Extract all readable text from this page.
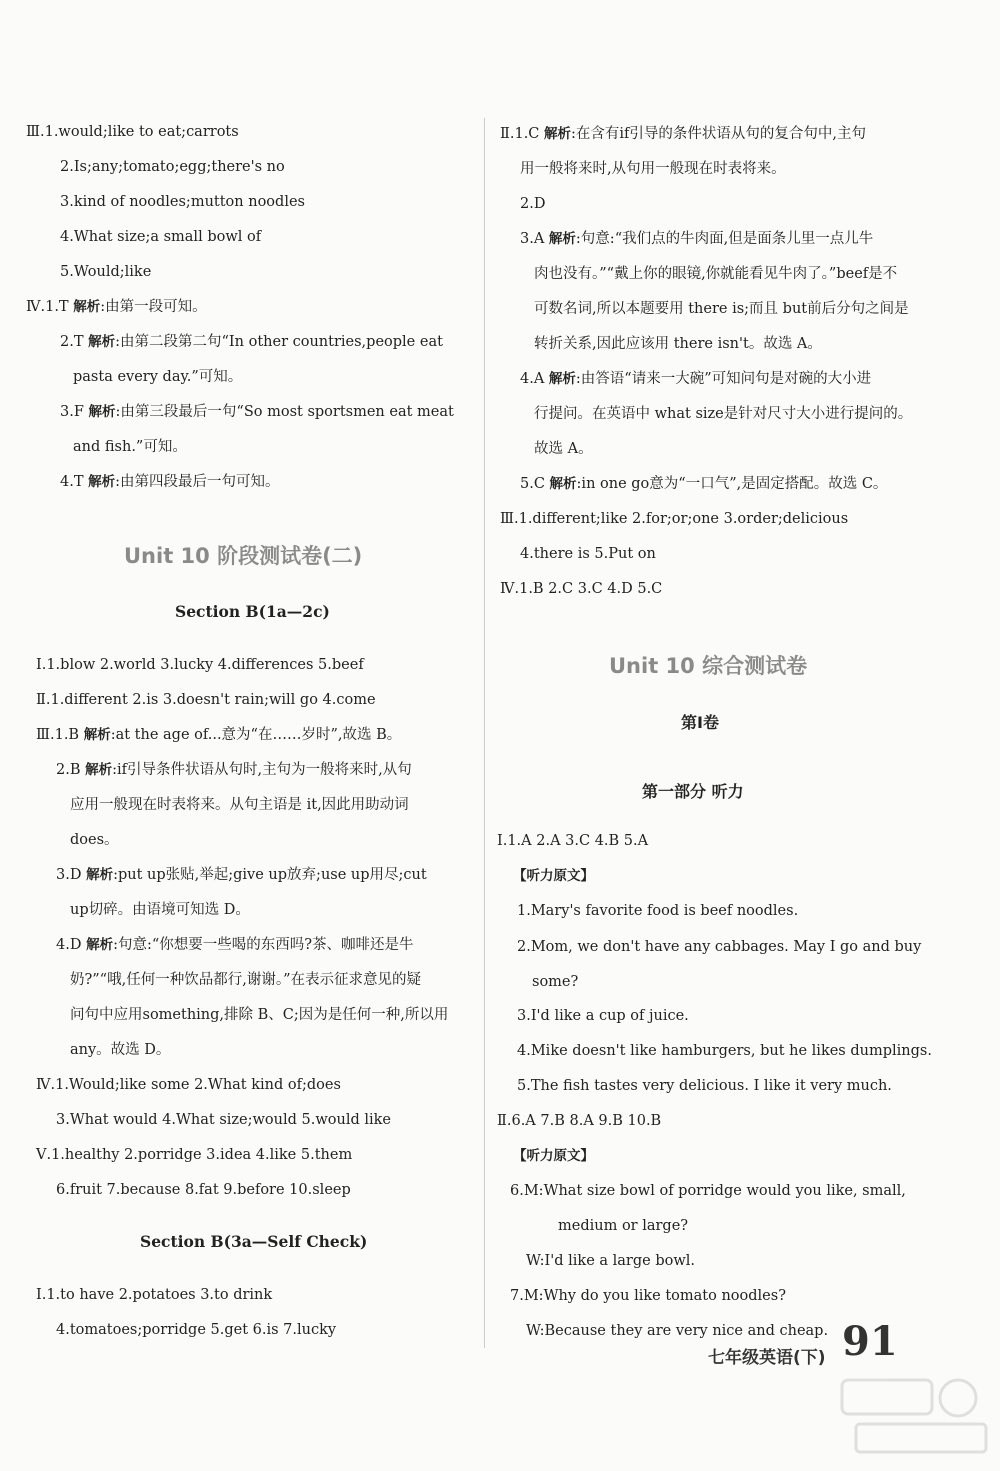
Ⅲ.1.would;like to eat;carrots
2.Is;any;tomato;egg;there's no
3.kind of noodles;mutton noodles
4.What size;a small bowl of
5.Would;like
Ⅳ.1.T 解析:由第一段可知。
2.T 解析:由第二段第二句“In other countries,people eat
pasta every day.”可知。
3.F 解析:由第三段最后一句“So most sportsmen eat meat
and fish.”可知。
4.T 解析:由第四段最后一句可知。
Ⅰ.1.blow 2.world 3.lucky 4.differences 5.beef
Ⅱ.1.different 2.is 3.doesn't rain;will go 4.come
Ⅲ.1.B 解析:at the age of...意为“在……岁时”,故选 B。
2.B 解析:if引导条件状语从句时,主句为一般将来时,从句
应用一般现在时表将来。从句主语是 it,因此用助动词
does。
3.D 解析:put up张贴,举起;give up放弃;use up用尽;cut
up切碎。由语境可知选 D。
4.D 解析:句意:“你想要一些喝的东西吗?茶、咖啡还是牛
奶?”“哦,任何一种饮品都行,谢谢。”在表示征求意见的疑
问句中应用something,排除 B、C;因为是任何一种,所以用
any。故选 D。
Ⅳ.1.Would;like some 2.What kind of;does
3.What would 4.What size;would 5.would like
Ⅴ.1.healthy 2.porridge 3.idea 4.like 5.them
6.fruit 7.because 8.fat 9.before 10.sleep
Ⅰ.1.to have 2.potatoes 3.to drink
4.tomatoes;porridge 5.get 6.is 7.lucky
Unit 10 阶段测试卷(二)
Section B(1a—2c)
Section B(3a—Self Check)
Ⅱ.1.C 解析:在含有if引导的条件状语从句的复合句中,主句
用一般将来时,从句用一般现在时表将来。
2.D
3.A 解析:句意:“我们点的牛肉面,但是面条儿里一点儿牛
肉也没有。”“戴上你的眼镜,你就能看见牛肉了。”beef是不
可数名词,所以本题要用 there is;而且 but前后分句之间是
转折关系,因此应该用 there isn't。故选 A。
4.A 解析:由答语“请来一大碗”可知问句是对碗的大小进
行提问。在英语中 what size是针对尺寸大小进行提问的。
故选 A。
5.C 解析:in one go意为“一口气”,是固定搭配。故选 C。
Ⅲ.1.different;like 2.for;or;one 3.order;delicious
4.there is 5.Put on
Ⅳ.1.B 2.C 3.C 4.D 5.C
Ⅰ.1.A 2.A 3.C 4.B 5.A
【听力原文】
1.Mary's favorite food is beef noodles.
2.Mom, we don't have any cabbages. May I go and buy
some?
3.I'd like a cup of juice.
4.Mike doesn't like hamburgers, but he likes dumplings.
5.The fish tastes very delicious. I like it very much.
Ⅱ.6.A 7.B 8.A 9.B 10.B
【听力原文】
6.M:What size bowl of porridge would you like, small,
medium or large?
W:I'd like a large bowl.
7.M:Why do you like tomato noodles?
W:Because they are very nice and cheap.
Unit 10 综合测试卷
第Ⅰ卷
第一部分 听力
七年级英语(下) 91
